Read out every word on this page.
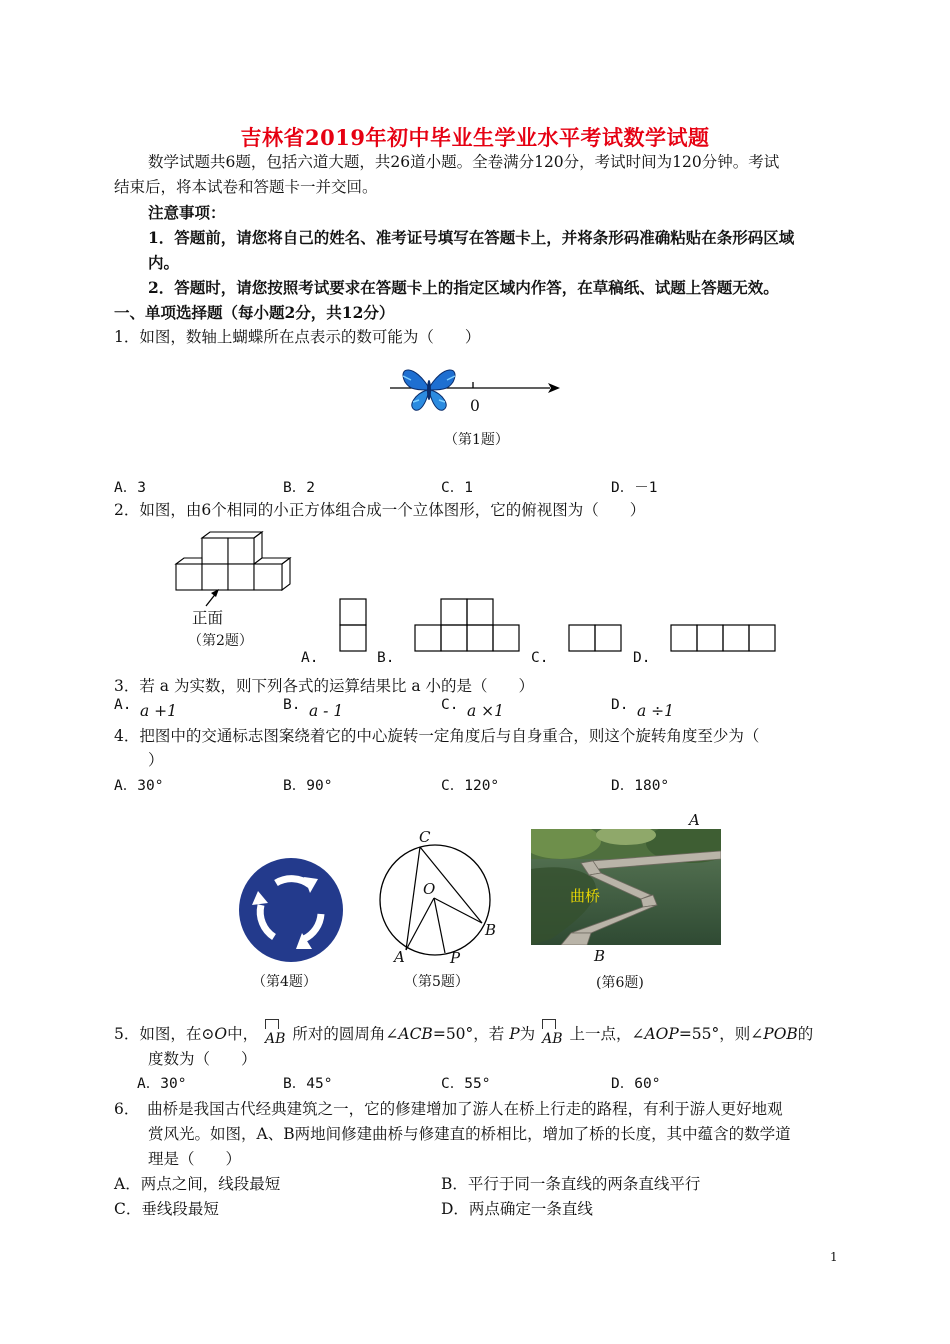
吉林省2019年初中毕业生学业水平考试数学试题
数学试题共6题，包括六道大题，共26道小题。全卷满分120分，考试时间为120分钟。考试
结束后，将本试卷和答题卡一并交回。
注意事项：
1．答题前，请您将自己的姓名、准考证号填写在答题卡上，并将条形码准确粘贴在条形码区域
内。
2．答题时，请您按照考试要求在答题卡上的指定区域内作答，在草稿纸、试题上答题无效。
一、单项选择题（每小题2分，共12分）
1．如图，数轴上蝴蝶所在点表示的数可能为（　　）
0
（第1题）
A．3	B．2	C．1	D．－1
2．如图，由6个相同的小正方体组合成一个立体图形，它的俯视图为（　　）
正面
（第2题）
A.	B.	C.	D.
3．若 a 为实数，则下列各式的运算结果比 a 小的是（　　）
A. a +1	B. a - 1	C. a ×1	D. a ÷1
4．把图中的交通标志图案绕着它的中心旋转一定角度后与自身重合，则这个旋转角度至少为（
）
A．30°	B．90°	C．120°	D．180°
（第4题）
C
O
B
A	P
（第5题）
A
曲桥
B
(第6题)
5．如图，在⊙O中， AB 所对的圆周角∠ACB=50°，若 P为 AB 上一点，∠AOP=55°，则∠POB的
度数为（　　）
A．30°	B．45°	C．55°	D．60°
6．　曲桥是我国古代经典建筑之一，它的修建增加了游人在桥上行走的路程，有利于游人更好地观
赏风光。如图，A、B两地间修建曲桥与修建直的桥相比，增加了桥的长度，其中蕴含的数学道
理是（　　）
A．两点之间，线段最短	B．平行于同一条直线的两条直线平行
C．垂线段最短	D．两点确定一条直线
1
